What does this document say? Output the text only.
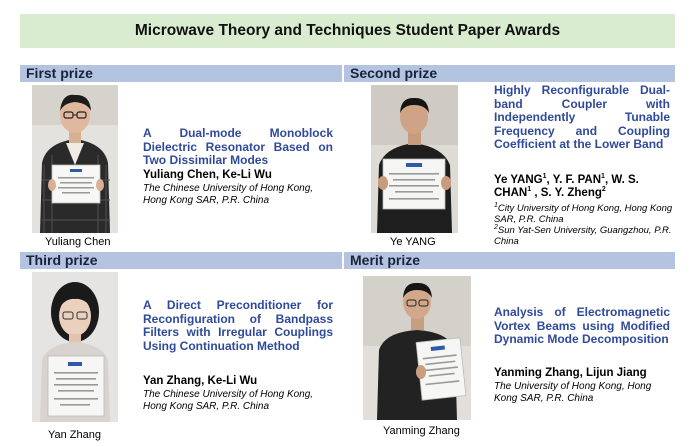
Microwave Theory and Techniques Student Paper Awards
First prize
Yuliang Chen
A Dual-mode Monoblock Dielectric Resonator Based on Two Dissimilar Modes
Yuliang Chen, Ke-Li Wu
The Chinese University of Hong Kong,
Hong Kong SAR, P.R. China
Second prize
Ye YANG
Highly Reconfigurable Dual-band Coupler with Independently Tunable Frequency and Coupling Coefficient at the Lower Band
Ye YANG$^1$, Y. F. PAN$^1$, W. S. CHAN$^1$ , S. Y. Zheng$^2$
$^1$City University of Hong Kong, Hong Kong SAR, P.R. China
$^2$Sun Yat-Sen University, Guangzhou, P.R. China
Third prize
Yan Zhang
A Direct Preconditioner for Reconfiguration of Bandpass Filters with Irregular Couplings Using Continuation Method
Yan Zhang, Ke-Li Wu
The Chinese University of Hong Kong,
Hong Kong SAR, P.R. China
Merit prize
Yanming Zhang
Analysis of Electromagnetic Vortex Beams using Modified Dynamic Mode Decomposition
Yanming Zhang, Lijun Jiang
The University of Hong Kong, Hong
Kong SAR, P.R. China
